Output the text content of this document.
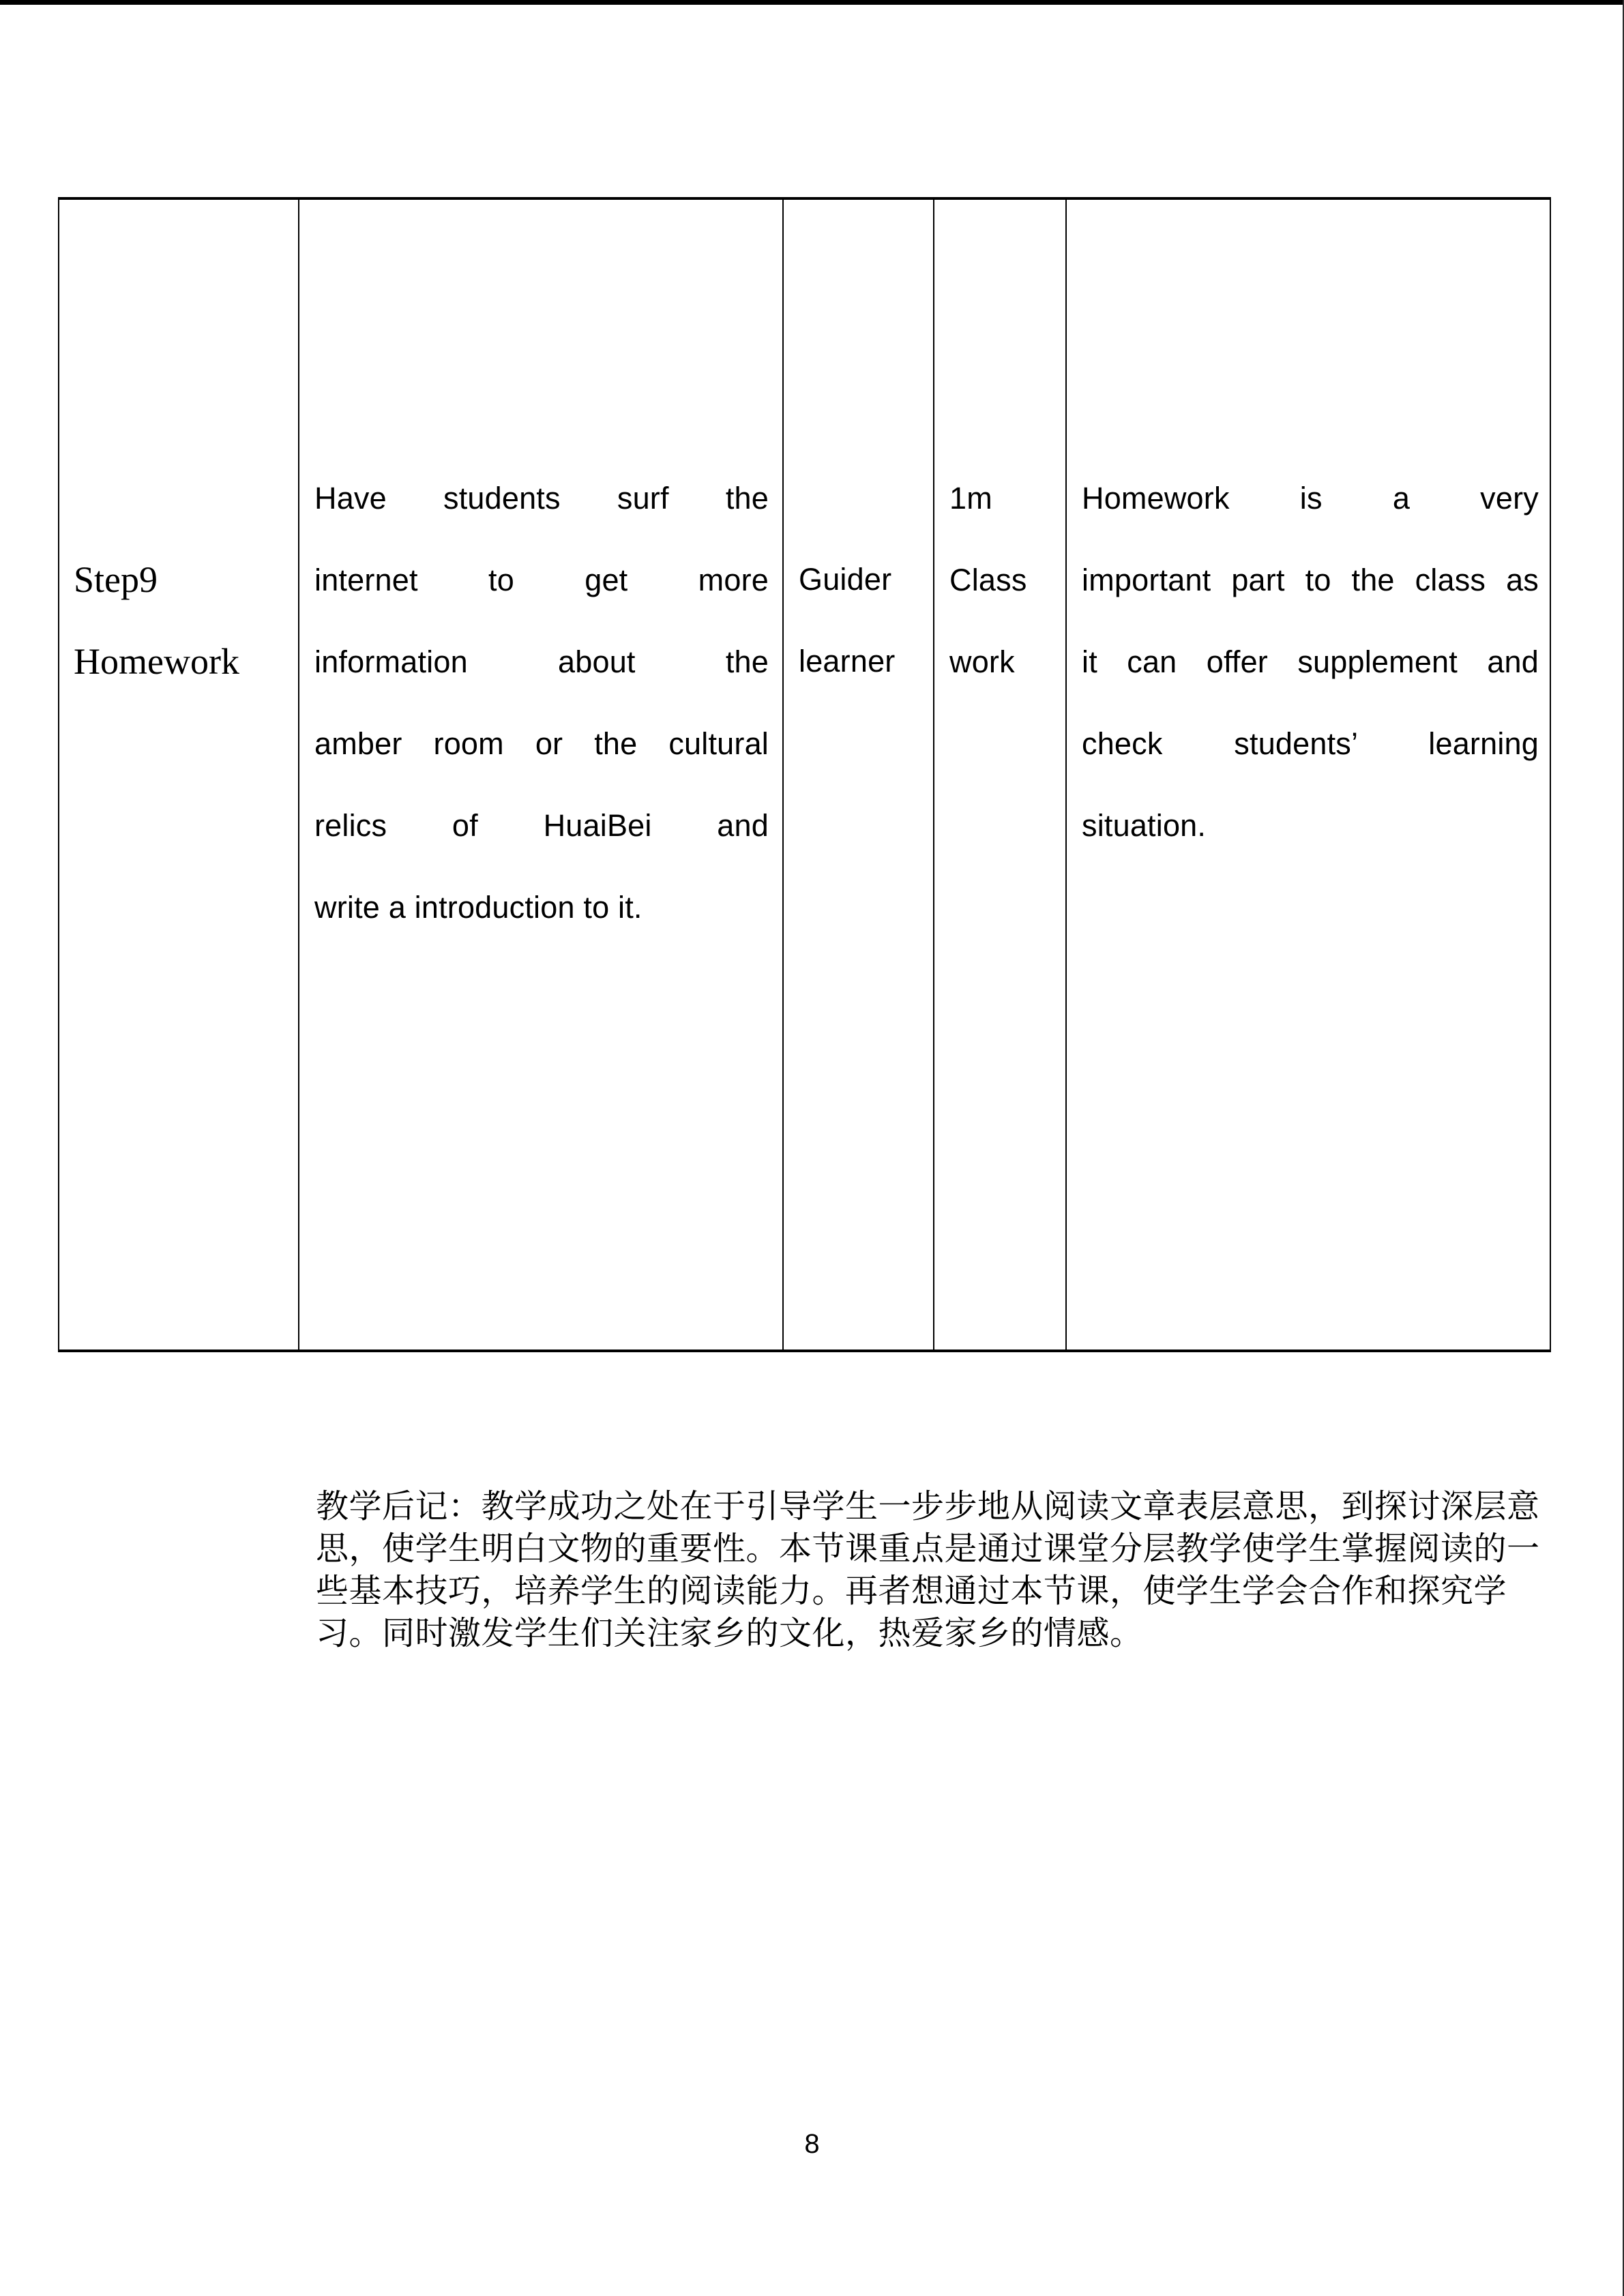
Step9
Homework
Have students surf the
internet to get more
information about the
amber room or the cultural
relics of HuaiBei and
write a introduction to it.
Guider
learner
1m
Class
work
Homework is a very
important part to the class as
it can offer supplement and
check students’ learning
situation.
教学后记：教学成功之处在于引导学生一步步地从阅读文章表层意思，到探讨深层意
思，使学生明白文物的重要性。本节课重点是通过课堂分层教学使学生掌握阅读的一
些基本技巧，培养学生的阅读能力。再者想通过本节课，使学生学会合作和探究学
习。同时激发学生们关注家乡的文化，热爱家乡的情感。
8
